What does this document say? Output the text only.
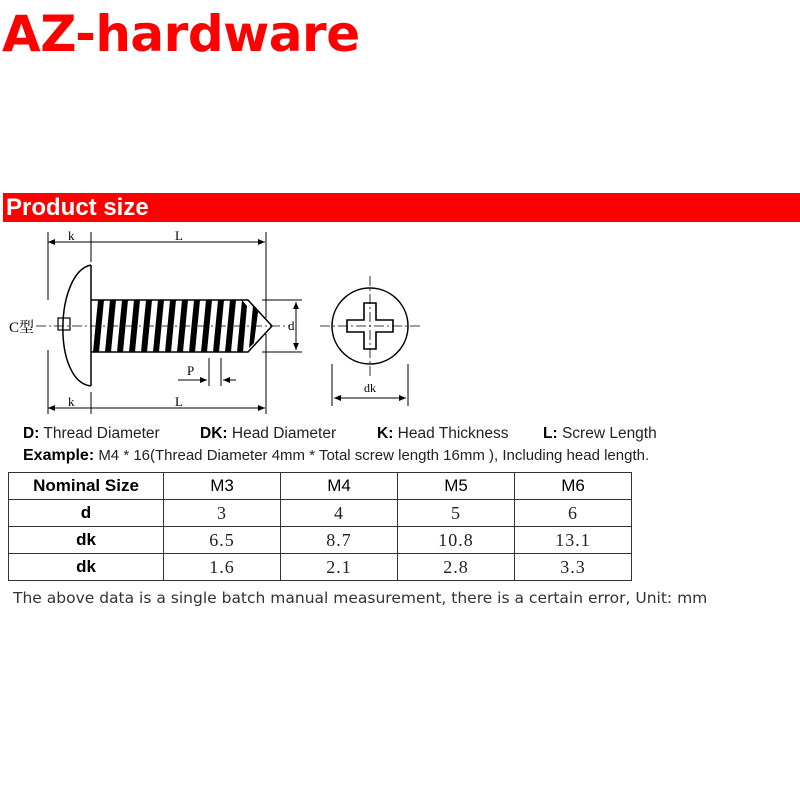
AZ-hardware
Product size
k	L
k	L
P
d
C型
dk
D: Thread Diameter	DK: Head Diameter	K: Head Thickness L: Screw Length
Example: M4 * 16(Thread Diameter 4mm * Total screw length 16mm ), Including head length.
Nominal Size	M3	M4	M5	M6
d	3	4	5	6
dk	6.5	8.7	10.8	13.1
dk	1.6	2.1	2.8	3.3
The above data is a single batch manual measurement, there is a certain error, Unit: mm
